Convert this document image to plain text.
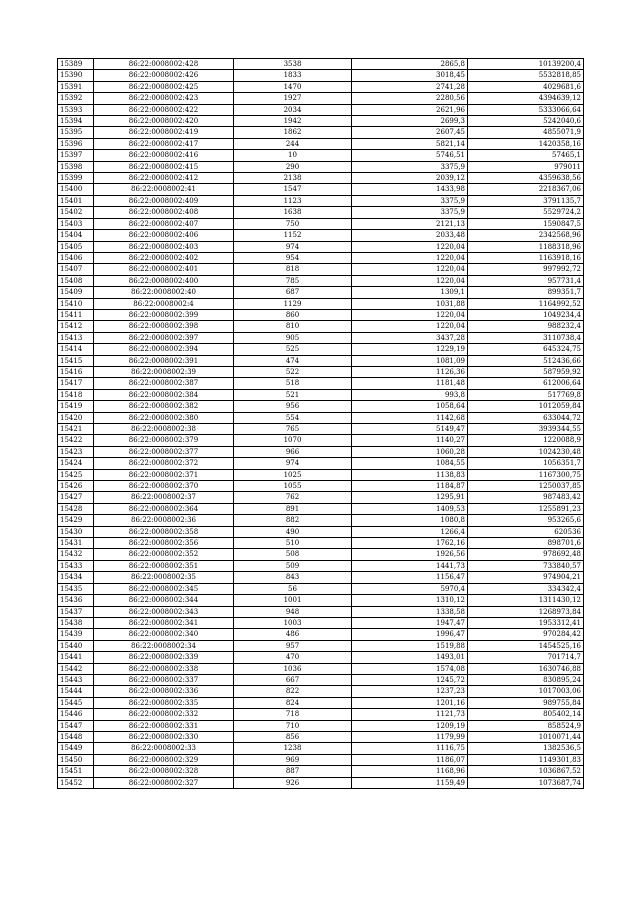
15389	86:22:0008002:428	3538	2865,8	10139200,4
15390	86:22:0008002:426	1833	3018,45	5532818,85
15391	86:22:0008002:425	1470	2741,28	4029681,6
15392	86:22:0008002:423	1927	2280,56	4394639,12
15393	86:22:0008002:422	2034	2621,96	5333066,64
15394	86:22:0008002:420	1942	2699,3	5242040,6
15395	86:22:0008002:419	1862	2607,45	4855071,9
15396	86:22:0008002:417	244	5821,14	1420358,16
15397	86:22:0008002:416	10	5746,51	57465,1
15398	86:22:0008002:415	290	3375,9	979011
15399	86:22:0008002:412	2138	2039,12	4359638,56
15400	86:22:0008002:41	1547	1433,98	2218367,06
15401	86:22:0008002:409	1123	3375,9	3791135,7
15402	86:22:0008002:408	1638	3375,9	5529724,2
15403	86:22:0008002:407	750	2121,13	1590847,5
15404	86:22:0008002:406	1152	2033,48	2342568,96
15405	86:22:0008002:403	974	1220,04	1188318,96
15406	86:22:0008002:402	954	1220,04	1163918,16
15407	86:22:0008002:401	818	1220,04	997992,72
15408	86:22:0008002:400	785	1220,04	957731,4
15409	86:22:0008002:40	687	1309,1	899351,7
15410	86:22:0008002:4	1129	1031,88	1164992,52
15411	86:22:0008002:399	860	1220,04	1049234,4
15412	86:22:0008002:398	810	1220,04	988232,4
15413	86:22:0008002:397	905	3437,28	3110738,4
15414	86:22:0008002:394	525	1229,19	645324,75
15415	86:22:0008002:391	474	1081,09	512436,66
15416	86:22:0008002:39	522	1126,36	587959,92
15417	86:22:0008002:387	518	1181,48	612006,64
15418	86:22:0008002:384	521	993,8	517769,8
15419	86:22:0008002:382	956	1058,64	1012059,84
15420	86:22:0008002:380	554	1142,68	633044,72
15421	86:22:0008002:38	765	5149,47	3939344,55
15422	86:22:0008002:379	1070	1140,27	1220088,9
15423	86:22:0008002:377	966	1060,28	1024230,48
15424	86:22:0008002:372	974	1084,55	1056351,7
15425	86:22:0008002:371	1025	1138,83	1167300,75
15426	86:22:0008002:370	1055	1184,87	1250037,85
15427	86:22:0008002:37	762	1295,91	987483,42
15428	86:22:0008002:364	891	1409,53	1255891,23
15429	86:22:0008002:36	882	1080,8	953265,6
15430	86:22:0008002:358	490	1266,4	620536
15431	86:22:0008002:356	510	1762,16	898701,6
15432	86:22:0008002:352	508	1926,56	978692,48
15433	86:22:0008002:351	509	1441,73	733840,57
15434	86:22:0008002:35	843	1156,47	974904,21
15435	86:22:0008002:345	56	5970,4	334342,4
15436	86:22:0008002:344	1001	1310,12	1311430,12
15437	86:22:0008002:343	948	1338,58	1268973,84
15438	86:22:0008002:341	1003	1947,47	1953312,41
15439	86:22:0008002:340	486	1996,47	970284,42
15440	86:22:0008002:34	957	1519,88	1454525,16
15441	86:22:0008002:339	470	1493,01	701714,7
15442	86:22:0008002:338	1036	1574,08	1630746,88
15443	86:22:0008002:337	667	1245,72	830895,24
15444	86:22:0008002:336	822	1237,23	1017003,06
15445	86:22:0008002:335	824	1201,16	989755,84
15446	86:22:0008002:332	718	1121,73	805402,14
15447	86:22:0008002:331	710	1209,19	858524,9
15448	86:22:0008002:330	856	1179,99	1010071,44
15449	86:22:0008002:33	1238	1116,75	1382536,5
15450	86:22:0008002:329	969	1186,07	1149301,83
15451	86:22:0008002:328	887	1168,96	1036867,52
15452	86:22:0008002:327	926	1159,49	1073687,74
